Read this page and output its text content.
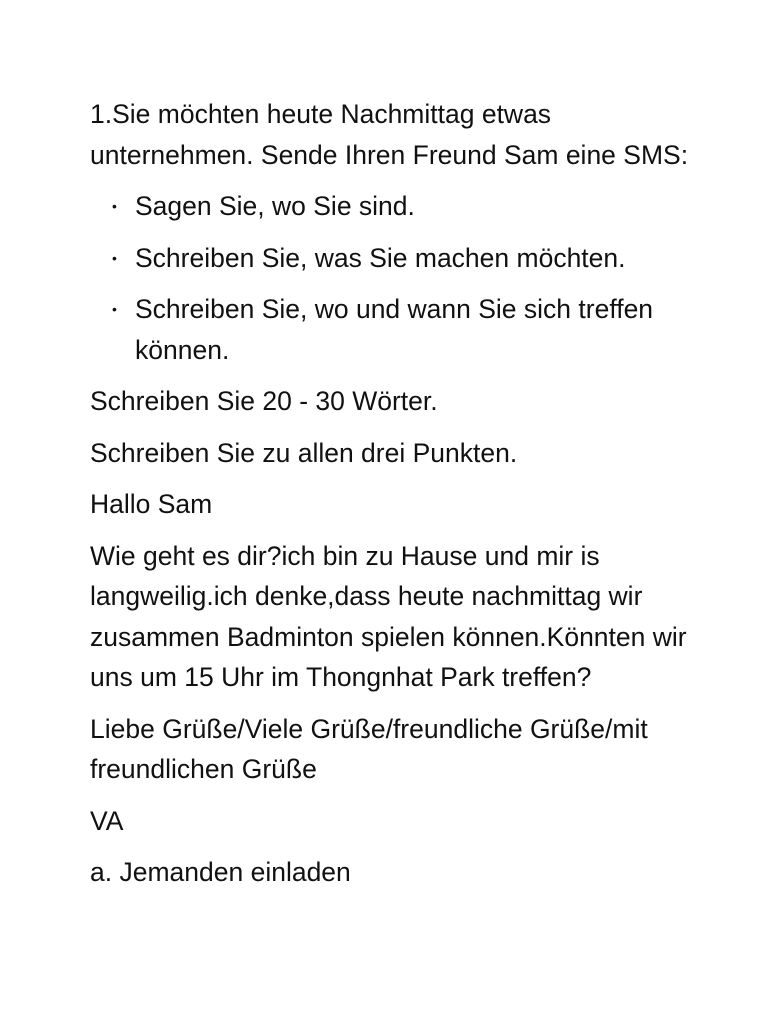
1.Sie möchten heute Nachmittag etwas unternehmen. Sende Ihren Freund Sam eine SMS:

• Sagen Sie, wo Sie sind.
• Schreiben Sie, was Sie machen möchten.
• Schreiben Sie, wo und wann Sie sich treffen können.

Schreiben Sie 20 - 30 Wörter.

Schreiben Sie zu allen drei Punkten.

Hallo Sam

Wie geht es dir?ich bin zu Hause und mir is langweilig.ich denke,dass heute nachmittag wir zusammen Badminton spielen können.Könnten wir uns um 15 Uhr im Thongnhat Park treffen?

Liebe Grüße/Viele Grüße/freundliche Grüße/mit freundlichen Grüße

VA

a. Jemanden einladen
